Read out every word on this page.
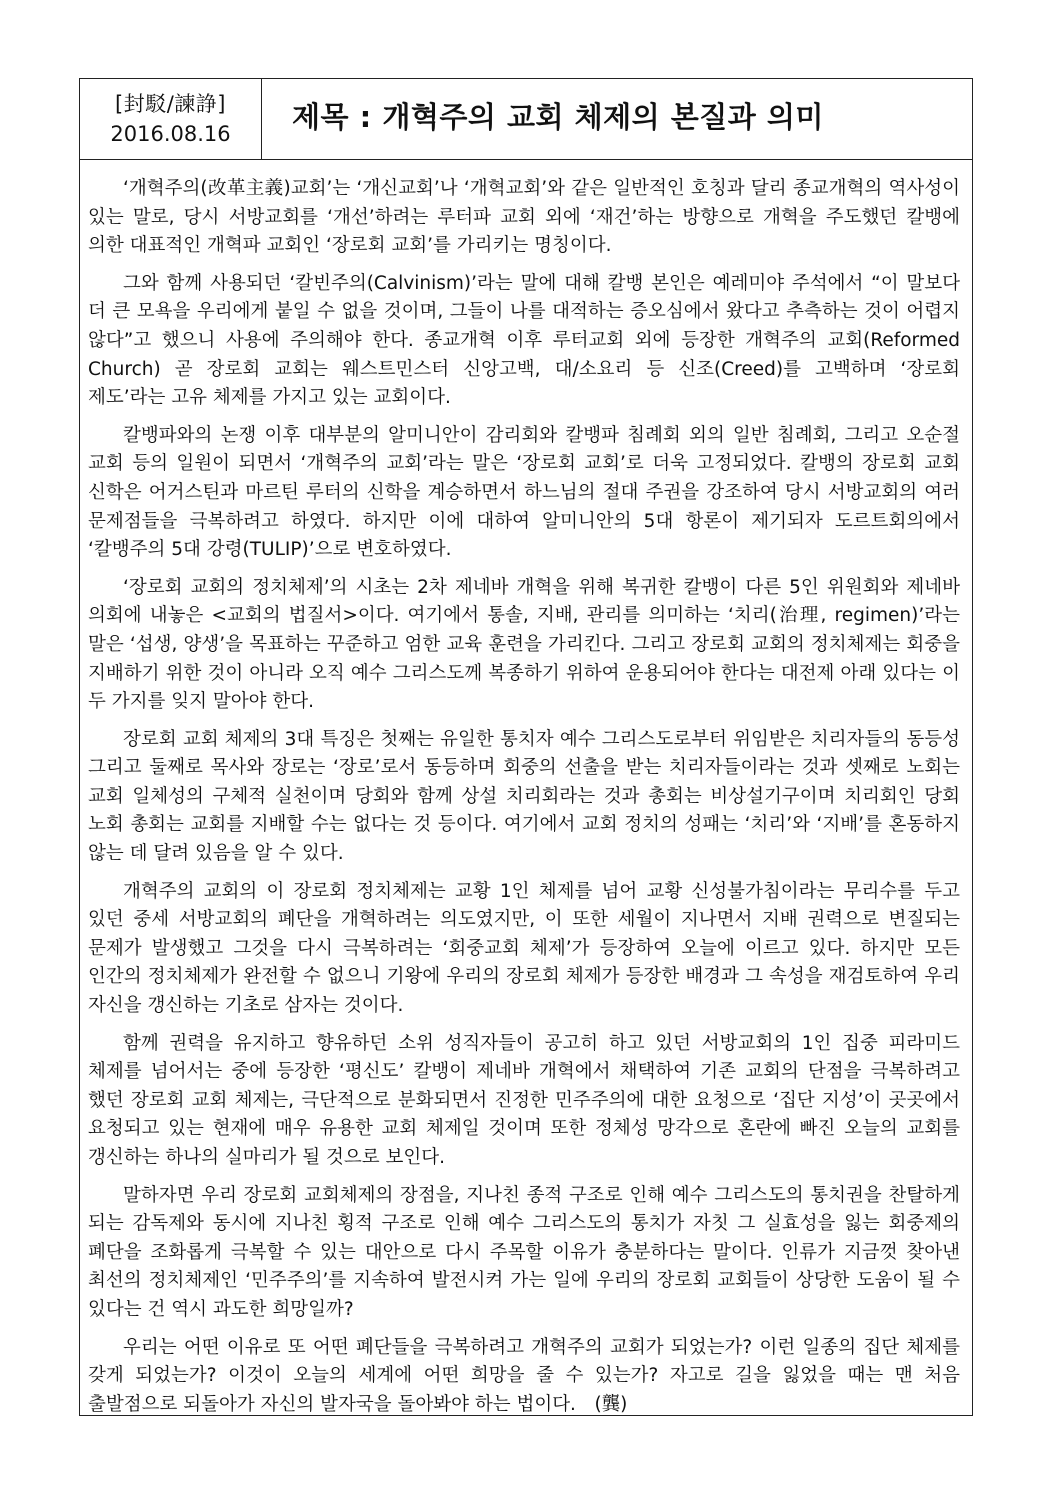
[封駁/諫諍]
2016.08.16	제목 : 개혁주의 교회 체제의 본질과 의미

‘개혁주의(改革主義)교회’는 ‘개신교회’나 ‘개혁교회’와 같은 일반적인 호칭과 달리 종교개혁의 역사성이 있는 말로, 당시 서방교회를 ‘개선’하려는 루터파 교회 외에 ‘재건’하는 방향으로 개혁을 주도했던 칼뱅에 의한 대표적인 개혁파 교회인 ‘장로회 교회’를 가리키는 명칭이다.

그와 함께 사용되던 ‘칼빈주의(Calvinism)’라는 말에 대해 칼뱅 본인은 예레미야 주석에서 “이 말보다 더 큰 모욕을 우리에게 붙일 수 없을 것이며, 그들이 나를 대적하는 증오심에서 왔다고 추측하는 것이 어렵지 않다”고 했으니 사용에 주의해야 한다. 종교개혁 이후 루터교회 외에 등장한 개혁주의 교회(Reformed Church) 곧 장로회 교회는 웨스트민스터 신앙고백, 대/소요리 등 신조(Creed)를 고백하며 ‘장로회 제도’라는 고유 체제를 가지고 있는 교회이다.

칼뱅파와의 논쟁 이후 대부분의 알미니안이 감리회와 칼뱅파 침례회 외의 일반 침례회, 그리고 오순절 교회 등의 일원이 되면서 ‘개혁주의 교회’라는 말은 ‘장로회 교회’로 더욱 고정되었다. 칼뱅의 장로회 교회 신학은 어거스틴과 마르틴 루터의 신학을 계승하면서 하느님의 절대 주권을 강조하여 당시 서방교회의 여러 문제점들을 극복하려고 하였다. 하지만 이에 대하여 알미니안의 5대 항론이 제기되자 도르트회의에서 ‘칼뱅주의 5대 강령(TULIP)’으로 변호하였다.

‘장로회 교회의 정치체제’의 시초는 2차 제네바 개혁을 위해 복귀한 칼뱅이 다른 5인 위원회와 제네바 의회에 내놓은 <교회의 법질서>이다. 여기에서 통솔, 지배, 관리를 의미하는 ‘치리(治理, regimen)’라는 말은 ‘섭생, 양생’을 목표하는 꾸준하고 엄한 교육 훈련을 가리킨다. 그리고 장로회 교회의 정치체제는 회중을 지배하기 위한 것이 아니라 오직 예수 그리스도께 복종하기 위하여 운용되어야 한다는 대전제 아래 있다는 이 두 가지를 잊지 말아야 한다.

장로회 교회 체제의 3대 특징은 첫째는 유일한 통치자 예수 그리스도로부터 위임받은 치리자들의 동등성 그리고 둘째로 목사와 장로는 ‘장로’로서 동등하며 회중의 선출을 받는 치리자들이라는 것과 셋째로 노회는 교회 일체성의 구체적 실천이며 당회와 함께 상설 치리회라는 것과 총회는 비상설기구이며 치리회인 당회 노회 총회는 교회를 지배할 수는 없다는 것 등이다. 여기에서 교회 정치의 성패는 ‘치리’와 ‘지배’를 혼동하지 않는 데 달려 있음을 알 수 있다.

개혁주의 교회의 이 장로회 정치체제는 교황 1인 체제를 넘어 교황 신성불가침이라는 무리수를 두고 있던 중세 서방교회의 폐단을 개혁하려는 의도였지만, 이 또한 세월이 지나면서 지배 권력으로 변질되는 문제가 발생했고 그것을 다시 극복하려는 ‘회중교회 체제’가 등장하여 오늘에 이르고 있다. 하지만 모든 인간의 정치체제가 완전할 수 없으니 기왕에 우리의 장로회 체제가 등장한 배경과 그 속성을 재검토하여 우리 자신을 갱신하는 기초로 삼자는 것이다.

함께 권력을 유지하고 향유하던 소위 성직자들이 공고히 하고 있던 서방교회의 1인 집중 피라미드 체제를 넘어서는 중에 등장한 ‘평신도’ 칼뱅이 제네바 개혁에서 채택하여 기존 교회의 단점을 극복하려고 했던 장로회 교회 체제는, 극단적으로 분화되면서 진정한 민주주의에 대한 요청으로 ‘집단 지성’이 곳곳에서 요청되고 있는 현재에 매우 유용한 교회 체제일 것이며 또한 정체성 망각으로 혼란에 빠진 오늘의 교회를 갱신하는 하나의 실마리가 될 것으로 보인다.

말하자면 우리 장로회 교회체제의 장점을, 지나친 종적 구조로 인해 예수 그리스도의 통치권을 찬탈하게 되는 감독제와 동시에 지나친 횡적 구조로 인해 예수 그리스도의 통치가 자칫 그 실효성을 잃는 회중제의 폐단을 조화롭게 극복할 수 있는 대안으로 다시 주목할 이유가 충분하다는 말이다. 인류가 지금껏 찾아낸 최선의 정치체제인 ‘민주주의’를 지속하여 발전시켜 가는 일에 우리의 장로회 교회들이 상당한 도움이 될 수 있다는 건 역시 과도한 희망일까?

우리는 어떤 이유로 또 어떤 폐단들을 극복하려고 개혁주의 교회가 되었는가? 이런 일종의 집단 체제를 갖게 되었는가? 이것이 오늘의 세계에 어떤 희망을 줄 수 있는가? 자고로 길을 잃었을 때는 맨 처음 출발점으로 되돌아가 자신의 발자국을 돌아봐야 하는 법이다.　(龔)
